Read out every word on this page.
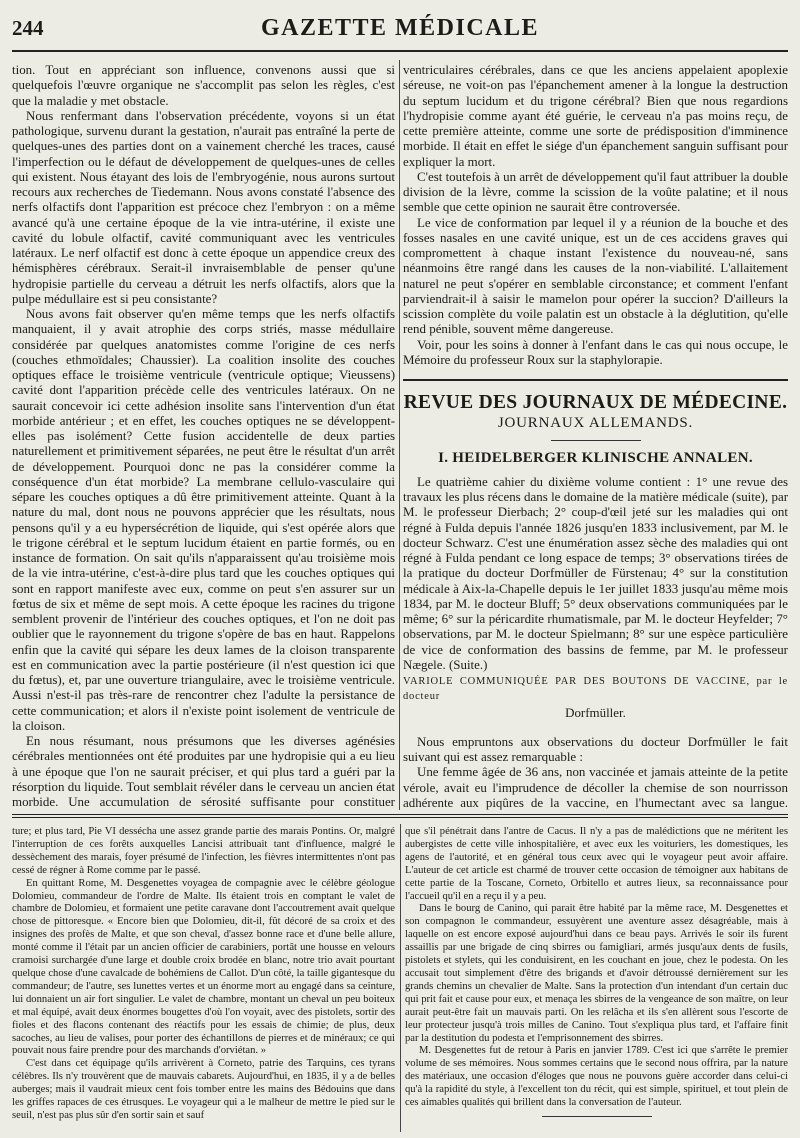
244	GAZETTE MÉDICALE

tion. Tout en appréciant son influence, convenons aussi que si quelquefois l'œuvre organique ne s'accomplit pas selon les règles, c'est que la maladie y met obstacle.

Nous renfermant dans l'observation précédente, voyons si un état pathologique, survenu durant la gestation, n'aurait pas entraîné la perte de quelques-unes des parties dont on a vainement cherché les traces, causé l'imperfection ou le défaut de développement de quelques-unes de celles qui existent. Nous étayant des lois de l'embryogénie, nous aurons surtout recours aux recherches de Tiedemann. Nous avons constaté l'absence des nerfs olfactifs dont l'apparition est précoce chez l'embryon : on a même avancé qu'à une certaine époque de la vie intra-utérine, il existe une cavité du lobule olfactif, cavité communiquant avec les ventricules latéraux. Le nerf olfactif est donc à cette époque un appendice creux des hémisphères cérébraux. Serait-il invraisemblable de penser qu'une hydropisie partielle du cerveau a détruit les nerfs olfactifs, alors que la pulpe médullaire est si peu consistante?

Nous avons fait observer qu'en même temps que les nerfs olfactifs manquaient, il y avait atrophie des corps striés, masse médullaire considérée par quelques anatomistes comme l'origine de ces nerfs (couches ethmoïdales; Chaussier). La coalition insolite des couches optiques efface le troisième ventricule (ventricule optique; Vieussens) cavité dont l'apparition précède celle des ventricules latéraux. On ne saurait concevoir ici cette adhésion insolite sans l'intervention d'un état morbide antérieur ; et en effet, les couches optiques ne se développent-elles pas isolément? Cette fusion accidentelle de deux parties naturellement et primitivement séparées, ne peut être le résultat d'un arrêt de développement. Pourquoi donc ne pas la considérer comme la conséquence d'un état morbide? La membrane cellulo-vasculaire qui sépare les couches optiques a dû être primitivement atteinte. Quant à la nature du mal, dont nous ne pouvons apprécier que les résultats, nous pensons qu'il y a eu hypersécrétion de liquide, qui s'est opérée alors que le trigone cérébral et le septum lucidum étaient en partie formés, ou en instance de formation. On sait qu'ils n'apparaissent qu'au troisième mois de la vie intra-utérine, c'est-à-dire plus tard que les couches optiques qui sont en rapport manifeste avec eux, comme on peut s'en assurer sur un fœtus de six et même de sept mois. A cette époque les racines du trigone semblent provenir de l'intérieur des couches optiques, et l'on ne doit pas oublier que le rayonnement du trigone s'opère de bas en haut. Rappelons enfin que la cavité qui sépare les deux lames de la cloison transparente est en communication avec la partie postérieure (il n'est question ici que du fœtus), et, par une ouverture triangulaire, avec le troisième ventricule. Aussi n'est-il pas très-rare de rencontrer chez l'adulte la persistance de cette communication; et alors il n'existe point isolement de ventricule de la cloison.

En nous résumant, nous présumons que les diverses agénésies cérébrales mentionnées ont été produites par une hydropisie qui a eu lieu à une époque que l'on ne saurait préciser, et qui plus tard a guéri par la résorption du liquide. Tout semblait révéler dans le cerveau un ancien état morbide. Une accumulation de sérosité suffisante pour constituer

ventriculaires cérébrales, dans ce que les anciens appelaient apoplexie séreuse, ne voit-on pas l'épanchement amener à la longue la destruction du septum lucidum et du trigone cérébral? Bien que nous regardions l'hydropisie comme ayant été guérie, le cerveau n'a pas moins reçu, de cette première atteinte, comme une sorte de prédisposition d'imminence morbide. Il était en effet le siége d'un épanchement sanguin suffisant pour expliquer la mort.

C'est toutefois à un arrêt de développement qu'il faut attribuer la double division de la lèvre, comme la scission de la voûte palatine; et il nous semble que cette opinion ne saurait être controversée.

Le vice de conformation par lequel il y a réunion de la bouche et des fosses nasales en une cavité unique, est un de ces accidens graves qui compromettent à chaque instant l'existence du nouveau-né, sans néanmoins être rangé dans les causes de la non-viabilité. L'allaitement naturel ne peut s'opérer en semblable circonstance; et comment l'enfant parviendrait-il à saisir le mamelon pour opérer la succion? D'ailleurs la scission complète du voile palatin est un obstacle à la déglutition, qu'elle rend pénible, souvent même dangereuse.

Voir, pour les soins à donner à l'enfant dans le cas qui nous occupe, le Mémoire du professeur Roux sur la staphylorapie.

REVUE DES JOURNAUX DE MÉDECINE.
JOURNAUX ALLEMANDS.
I. HEIDELBERGER KLINISCHE ANNALEN.

Le quatrième cahier du dixième volume contient : 1° une revue des travaux les plus récens dans le domaine de la matière médicale (suite), par M. le professeur Dierbach; 2° coup-d'œil jeté sur les maladies qui ont régné à Fulda depuis l'année 1826 jusqu'en 1833 inclusivement, par M. le docteur Schwarz. C'est une énumération assez sèche des maladies qui ont régné à Fulda pendant ce long espace de temps; 3° observations tirées de la pratique du docteur Dorfmüller de Fürstenau; 4° sur la constitution médicale à Aix-la-Chapelle depuis le 1er juillet 1833 jusqu'au même mois 1834, par M. le docteur Bluff; 5° deux observations communiquées par le même; 6° sur la péricardite rhumatismale, par M. le docteur Heyfelder; 7° observations, par M. le docteur Spielmann; 8° sur une espèce particulière de vice de conformation des bassins de femme, par M. le professeur Nægele. (Suite.)

VARIOLE COMMUNIQUÉE PAR DES BOUTONS DE VACCINE, par le docteur

Dorfmüller.

Nous empruntons aux observations du docteur Dorfmüller le fait suivant qui est assez remarquable :

Une femme âgée de 36 ans, non vaccinée et jamais atteinte de la petite vérole, avait eu l'imprudence de décoller la chemise de son nourrisson adhérente aux piqûres de la vaccine, en l'humectant avec sa langue.

ture; et plus tard, Pie VI dessécha une assez grande partie des marais Pontins. Or, malgré l'interruption de ces forêts auxquelles Lancisi attribuait tant d'influence, malgré le dessèchement des marais, foyer présumé de l'infection, les fièvres intermittentes n'ont pas cessé de régner à Rome comme par le passé.

En quittant Rome, M. Desgenettes voyagea de compagnie avec le célèbre géologue Dolomieu, commandeur de l'ordre de Malte. Ils étaient trois en comptant le valet de chambre de Dolomieu, et formaient une petite caravane dont l'accoutrement avait quelque chose de pittoresque. « Encore bien que Dolomieu, dit-il, fût décoré de sa croix et des insignes des profès de Malte, et que son cheval, d'assez bonne race et d'une belle allure, monté comme il l'était par un ancien officier de carabiniers, portât une housse en velours cramoisi surchargée d'une large et double croix brodée en blanc, notre trio avait pourtant quelque chose d'une cavalcade de bohémiens de Callot. D'un côté, la taille gigantesque du commandeur; de l'autre, ses lunettes vertes et un énorme mort au engagé dans sa ceinture, lui donnaient un air fort singulier. Le valet de chambre, montant un cheval un peu boiteux et mal équipé, avait deux énormes bougettes d'où l'on voyait, avec des pistolets, sortir des fioles et des flacons contenant des réactifs pour les essais de chimie; de plus, deux sacoches, au lieu de valises, pour porter des échantillons de pierres et de minéraux; ce qui pouvait nous faire prendre pour des marchands d'orviétan. »

C'est dans cet équipage qu'ils arrivèrent à Corneto, patrie des Tarquins, ces tyrans célèbres. Ils n'y trouvèrent que de mauvais cabarets. Aujourd'hui, en 1835, il y a de belles auberges; mais il vaudrait mieux cent fois tomber entre les mains des Bédouins que dans les griffes rapaces de ces étrusques. Le voyageur qui a le malheur de mettre le pied sur le seuil, n'est pas plus sûr d'en sortir sain et sauf

que s'il pénétrait dans l'antre de Cacus. Il n'y a pas de malédictions que ne méritent les aubergistes de cette ville inhospitalière, et avec eux les voituriers, les domestiques, les agens de l'autorité, et en général tous ceux avec qui le voyageur peut avoir affaire. L'auteur de cet article est charmé de trouver cette occasion de témoigner aux habitans de cette partie de la Toscane, Corneto, Orbitello et autres lieux, sa reconnaissance pour l'accueil qu'il en a reçu il y a peu.

Dans le bourg de Canino, qui parait être habité par la même race, M. Desgenettes et son compagnon le commandeur, essuyèrent une aventure assez désagréable, mais à laquelle on est encore exposé aujourd'hui dans ce beau pays. Arrivés le soir ils furent assaillis par une brigade de cinq sbirres ou famigliari, armés jusqu'aux dents de fusils, pistolets et stylets, qui les conduisirent, en les couchant en joue, chez le podesta. On les accusait tout simplement d'être des brigands et d'avoir détroussé dernièrement sur les grands chemins un chevalier de Malte. Sans la protection d'un intendant d'un certain duc qui prit fait et cause pour eux, et menaça les sbirres de la vengeance de son maître, on leur aurait peut-être fait un mauvais parti. On les relâcha et ils s'en allèrent sous l'escorte de leur protecteur jusqu'à trois milles de Canino. Tout s'expliqua plus tard, et l'affaire finit par la destitution du podesta et l'emprisonnement des sbirres.

M. Desgenettes fut de retour à Paris en janvier 1789. C'est ici que s'arrête le premier volume de ses mémoires. Nous sommes certains que le second nous offrira, par la nature des matériaux, une occasion d'éloges que nous ne pouvons guère accorder dans celui-ci qu'à la rapidité du style, à l'excellent ton du récit, qui est simple, spirituel, et tout plein de ces aimables qualités qui brillent dans la conversation de l'auteur.
